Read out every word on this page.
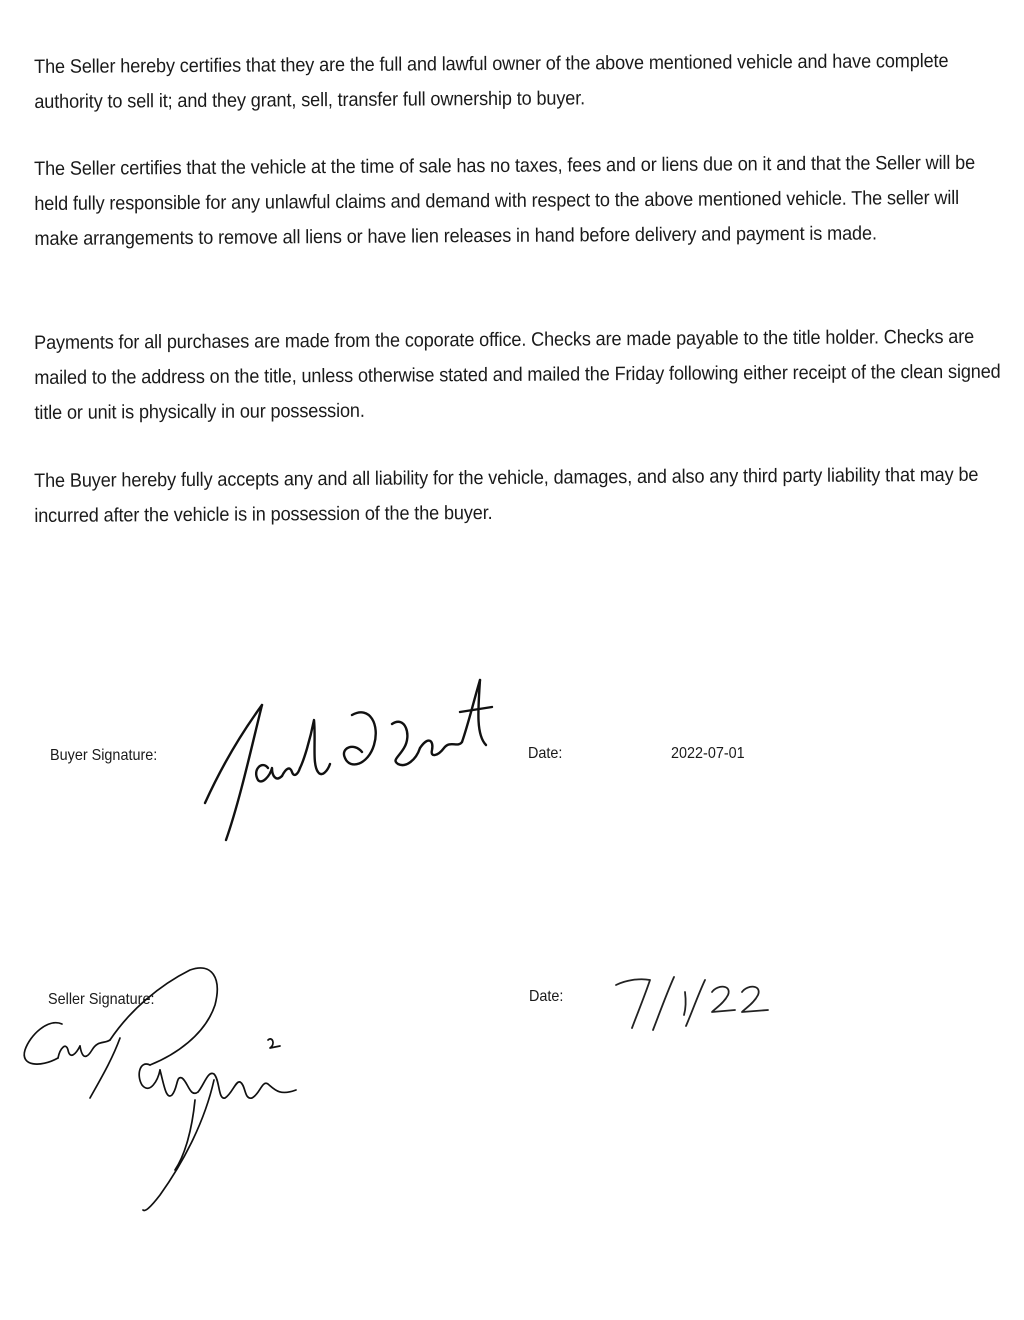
The Seller hereby certifies that they are the full and lawful owner of the above mentioned vehicle and have complete authority to sell it; and they grant, sell, transfer full ownership to buyer.

The Seller certifies that the vehicle at the time of sale has no taxes, fees and or liens due on it and that the Seller will be held fully responsible for any unlawful claims and demand with respect to the above mentioned vehicle. The seller will make arrangements to remove all liens or have lien releases in hand before delivery and payment is made.

Payments for all purchases are made from the coporate office. Checks are made payable to the title holder. Checks are mailed to the address on the title, unless otherwise stated and mailed the Friday following either receipt of the clean signed title or unit is physically in our possession.

The Buyer hereby fully accepts any and all liability for the vehicle, damages, and also any third party liability that may be incurred after the vehicle is in possession of the the buyer.

Buyer Signature:	Date:	2022-07-01
Seller Signature:	Date:
